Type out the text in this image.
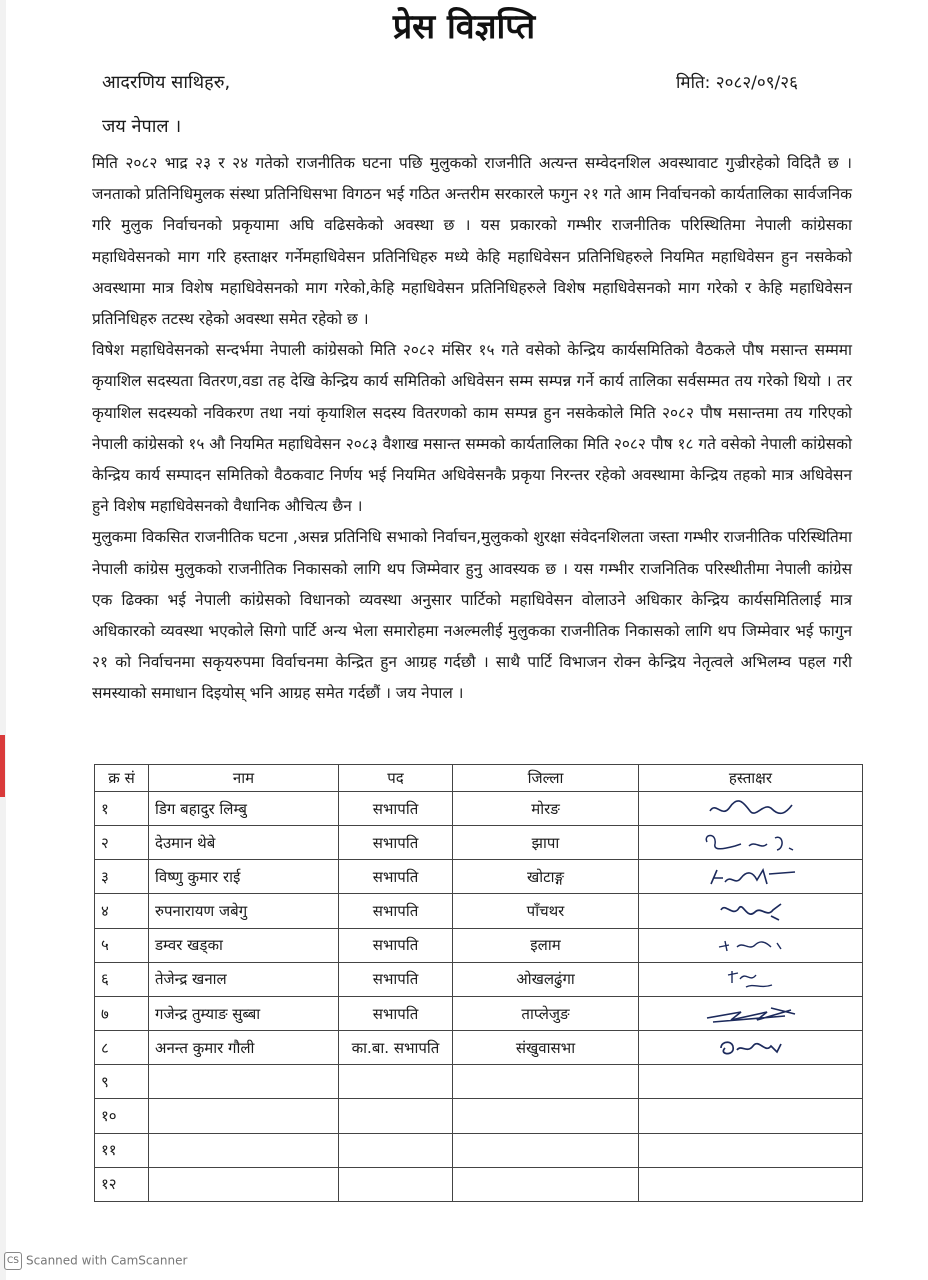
प्रेस विज्ञप्ति
आदरणिय साथिहरु,	मिति: २०८२/०९/२६
जय नेपाल ।

मिति २०८२ भाद्र २३ र २४ गतेको राजनीतिक घटना पछि मुलुकको राजनीति अत्यन्त सम्वेदनशिल अवस्थावाट गुज्रीरहेको विदितै छ । जनताको प्रतिनिधिमुलक संस्था प्रतिनिधिसभा विगठन भई गठित अन्तरीम सरकारले फगुन २१ गते आम निर्वाचनको कार्यतालिका सार्वजनिक गरि मुलुक निर्वाचनको प्रकृयामा अघि वढिसकेको अवस्था छ । यस प्रकारको गम्भीर राजनीतिक परिस्थितिमा नेपाली कांग्रेसका महाधिवेसनको माग गरि हस्ताक्षर गर्नेमहाधिवेसन प्रतिनिधिहरु मध्ये केहि महाधिवेसन प्रतिनिधिहरुले नियमित महाधिवेसन हुन नसकेको अवस्थामा मात्र विशेष महाधिवेसनको माग गरेको,केहि महाधिवेसन प्रतिनिधिहरुले विशेष महाधिवेसनको माग गरेको र केहि महाधिवेसन प्रतिनिधिहरु तटस्थ रहेको अवस्था समेत रहेको छ ।

विषेश महाधिवेसनको सन्दर्भमा नेपाली कांग्रेसको मिति २०८२ मंसिर १५ गते वसेको केन्द्रिय कार्यसमितिको वैठकले पौष मसान्त सम्ममा कृयाशिल सदस्यता वितरण,वडा तह देखि केन्द्रिय कार्य समितिको अधिवेसन सम्म सम्पन्न गर्ने कार्य तालिका सर्वसम्मत तय गरेको थियो । तर कृयाशिल सदस्यको नविकरण तथा नयां कृयाशिल सदस्य वितरणको काम सम्पन्न हुन नसकेकोले मिति २०८२ पौष मसान्तमा तय गरिएको नेपाली कांग्रेसको १५ औ नियमित महाधिवेसन २०८३ वैशाख मसान्त सम्मको कार्यतालिका मिति २०८२ पौष १८ गते वसेको नेपाली कांग्रेसको केन्द्रिय कार्य सम्पादन समितिको वैठकवाट निर्णय भई नियमित अधिवेसनकै प्रकृया निरन्तर रहेको अवस्थामा केन्द्रिय तहको मात्र अधिवेसन हुने विशेष महाधिवेसनको वैधानिक औचित्य छैन ।

मुलुकमा विकसित राजनीतिक घटना ,असन्न प्रतिनिधि सभाको निर्वाचन,मुलुकको शुरक्षा संवेदनशिलता जस्ता गम्भीर राजनीतिक परिस्थितिमा नेपाली कांग्रेस मुलुकको राजनीतिक निकासको लागि थप जिम्मेवार हुनु आवस्यक छ । यस गम्भीर राजनितिक परिस्थीतीमा नेपाली कांग्रेस एक ढिक्का भई नेपाली कांग्रेसको विधानको व्यवस्था अनुसार पार्टिको महाधिवेसन वोलाउने अधिकार केन्द्रिय कार्यसमितिलाई मात्र अधिकारको व्यवस्था भएकोले सिगो पार्टि अन्य भेला समारोहमा नअल्मलीई मुलुकका राजनीतिक निकासको लागि थप जिम्मेवार भई फागुन २१ को निर्वाचनमा सकृयरुपमा विर्वाचनमा केन्द्रित हुन आग्रह गर्दछौ । साथै पार्टि विभाजन रोक्न केन्द्रिय नेतृत्वले अभिलम्व पहल गरी समस्याको समाधान दिइयोस् भनि आग्रह समेत गर्दछौं । जय नेपाल ।

क्र सं	नाम	पद	जिल्ला	हस्ताक्षर
१	डिग बहादुर लिम्बु	सभापति	मोरङ	

२	देउमान थेबे	सभापति	झापा	

३	विष्णु कुमार राई	सभापति	खोटाङ्ग	

४	रुपनारायण जबेगु	सभापति	पाँचथर	

५	डम्वर खड्का	सभापति	इलाम	

६	तेजेन्द्र खनाल	सभापति	ओखलढुंगा	

७	गजेन्द्र तुम्याङ सुब्बा	सभापति	ताप्लेजुङ	

८	अनन्त कुमार गौली	का.बा. सभापति	संखुवासभा	

९				
१०				
११				
१२				
CS Scanned with CamScanner
